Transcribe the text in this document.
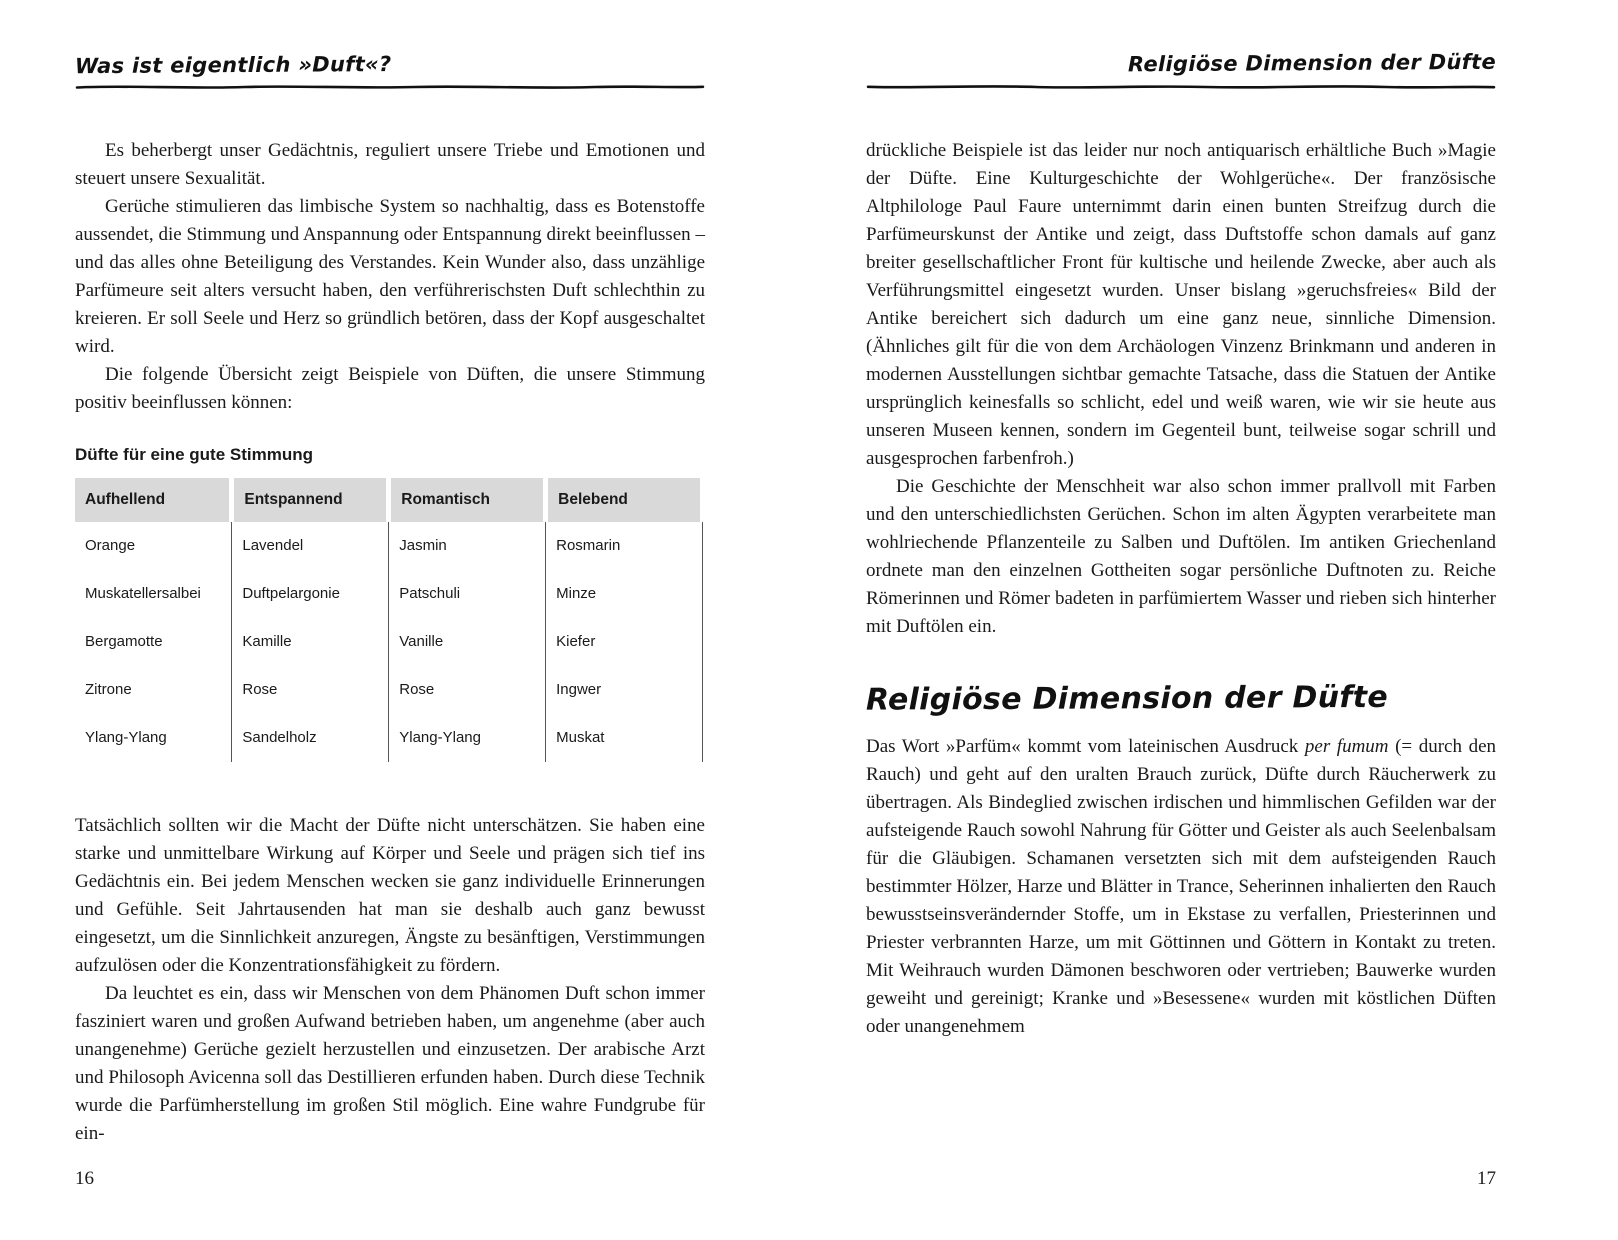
Was ist eigentlich »Duft«?

Es beherbergt unser Gedächtnis, reguliert unsere Triebe und Emotionen und steuert unsere Sexualität.

Gerüche stimulieren das limbische System so nachhaltig, dass es Botenstoffe aussendet, die Stimmung und Anspannung oder Entspannung direkt beeinflussen – und das alles ohne Beteiligung des Verstandes. Kein Wunder also, dass unzählige Parfümeure seit alters versucht haben, den verführerischsten Duft schlechthin zu kreieren. Er soll Seele und Herz so gründlich betören, dass der Kopf ausgeschaltet wird.

Die folgende Übersicht zeigt Beispiele von Düften, die unsere Stimmung positiv beeinflussen können:

Düfte für eine gute Stimmung
Aufhellend	Entspannend	Romantisch	Belebend
Orange	Lavendel	Jasmin	Rosmarin
Muskatellersalbei	Duftpelargonie	Patschuli	Minze
Bergamotte	Kamille	Vanille	Kiefer
Zitrone	Rose	Rose	Ingwer
Ylang-Ylang	Sandelholz	Ylang-Ylang	Muskat

Tatsächlich sollten wir die Macht der Düfte nicht unterschätzen. Sie haben eine starke und unmittelbare Wirkung auf Körper und Seele und prägen sich tief ins Gedächtnis ein. Bei jedem Menschen wecken sie ganz individuelle Erinnerungen und Gefühle. Seit Jahrtausenden hat man sie deshalb auch ganz bewusst eingesetzt, um die Sinnlichkeit anzuregen, Ängste zu besänftigen, Verstimmungen aufzulösen oder die Konzentrationsfähigkeit zu fördern.

Da leuchtet es ein, dass wir Menschen von dem Phänomen Duft schon immer fasziniert waren und großen Aufwand betrieben haben, um angenehme (aber auch unangenehme) Gerüche gezielt herzustellen und einzusetzen. Der arabische Arzt und Philosoph Avicenna soll das Destillieren erfunden haben. Durch diese Technik wurde die Parfümherstellung im großen Stil möglich. Eine wahre Fundgrube für ein-

Religiöse Dimension der Düfte

drückliche Beispiele ist das leider nur noch antiquarisch erhältliche Buch »Magie der Düfte. Eine Kulturgeschichte der Wohlgerüche«. Der französische Altphilologe Paul Faure unternimmt darin einen bunten Streifzug durch die Parfümeurskunst der Antike und zeigt, dass Duftstoffe schon damals auf ganz breiter gesellschaftlicher Front für kultische und heilende Zwecke, aber auch als Verführungsmittel eingesetzt wurden. Unser bislang »geruchsfreies« Bild der Antike bereichert sich dadurch um eine ganz neue, sinnliche Dimension. (Ähnliches gilt für die von dem Archäologen Vinzenz Brinkmann und anderen in modernen Ausstellungen sichtbar gemachte Tatsache, dass die Statuen der Antike ursprünglich keinesfalls so schlicht, edel und weiß waren, wie wir sie heute aus unseren Museen kennen, sondern im Gegenteil bunt, teilweise sogar schrill und ausgesprochen farbenfroh.)

Die Geschichte der Menschheit war also schon immer prallvoll mit Farben und den unterschiedlichsten Gerüchen. Schon im alten Ägypten verarbeitete man wohlriechende Pflanzenteile zu Salben und Duftölen. Im antiken Griechenland ordnete man den einzelnen Gottheiten sogar persönliche Duftnoten zu. Reiche Römerinnen und Römer badeten in parfümiertem Wasser und rieben sich hinterher mit Duftölen ein.

Religiöse Dimension der Düfte

Das Wort »Parfüm« kommt vom lateinischen Ausdruck per fumum (= durch den Rauch) und geht auf den uralten Brauch zurück, Düfte durch Räucherwerk zu übertragen. Als Bindeglied zwischen irdischen und himmlischen Gefilden war der aufsteigende Rauch sowohl Nahrung für Götter und Geister als auch Seelenbalsam für die Gläubigen. Schamanen versetzten sich mit dem aufsteigenden Rauch bestimmter Hölzer, Harze und Blätter in Trance, Seherinnen inhalierten den Rauch bewusstseinsverändernder Stoffe, um in Ekstase zu verfallen, Priesterinnen und Priester verbrannten Harze, um mit Göttinnen und Göttern in Kontakt zu treten. Mit Weihrauch wurden Dämonen beschworen oder vertrieben; Bauwerke wurden geweiht und gereinigt; Kranke und »Besessene« wurden mit köstlichen Düften oder unangenehmem

16	17
